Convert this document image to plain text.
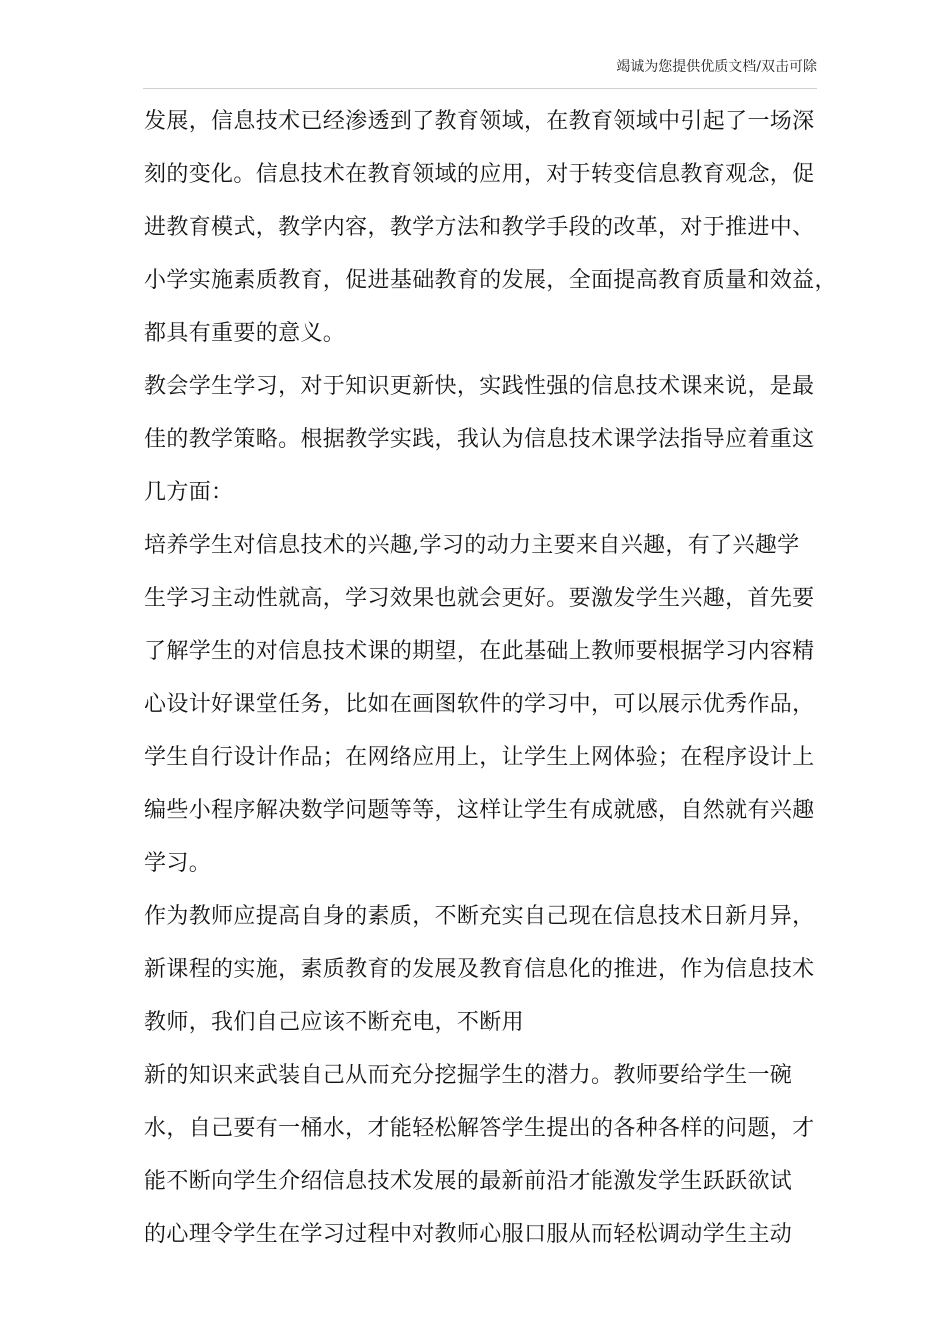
竭诚为您提供优质文档/双击可除
发展，信息技术已经渗透到了教育领域，在教育领域中引起了一场深
刻的变化。信息技术在教育领域的应用，对于转变信息教育观念，促
进教育模式，教学内容，教学方法和教学手段的改革，对于推进中、
小学实施素质教育，促进基础教育的发展，全面提高教育质量和效益，
都具有重要的意义。
教会学生学习，对于知识更新快，实践性强的信息技术课来说，是最
佳的教学策略。根据教学实践，我认为信息技术课学法指导应着重这
几方面：
培养学生对信息技术的兴趣,学习的动力主要来自兴趣，有了兴趣学
生学习主动性就高，学习效果也就会更好。要激发学生兴趣，首先要
了解学生的对信息技术课的期望，在此基础上教师要根据学习内容精
心设计好课堂任务，比如在画图软件的学习中，可以展示优秀作品，
学生自行设计作品；在网络应用上，让学生上网体验；在程序设计上
编些小程序解决数学问题等等，这样让学生有成就感，自然就有兴趣
学习。
作为教师应提高自身的素质，不断充实自己现在信息技术日新月异，
新课程的实施，素质教育的发展及教育信息化的推进，作为信息技术
教师，我们自己应该不断充电，不断用
新的知识来武装自己从而充分挖掘学生的潜力。教师要给学生一碗
水，自己要有一桶水，才能轻松解答学生提出的各种各样的问题，才
能不断向学生介绍信息技术发展的最新前沿才能激发学生跃跃欲试
的心理令学生在学习过程中对教师心服口服从而轻松调动学生主动
